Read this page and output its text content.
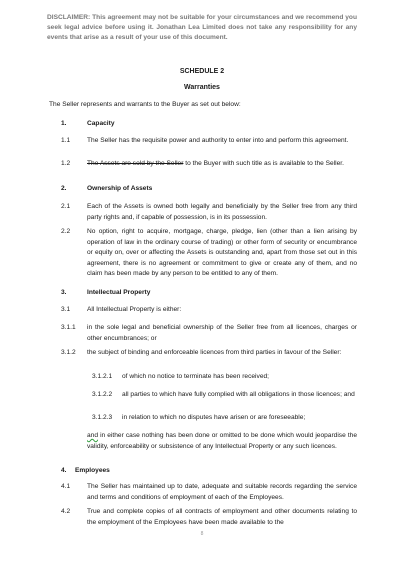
DISCLAIMER: This agreement may not be suitable for your circumstances and we recommend you seek legal advice before using it. Jonathan Lea Limited does not take any responsibility for any events that arise as a result of your use of this document.
SCHEDULE 2
Warranties
The Seller represents and warrants to the Buyer as set out below:
1.	Capacity
1.1	The Seller has the requisite power and authority to enter into and perform this agreement.
1.2	The Assets are sold by the Seller to the Buyer with such title as is available to the Seller.
2.	Ownership of Assets
2.1	Each of the Assets is owned both legally and beneficially by the Seller free from any third party rights and, if capable of possession, is in its possession.
2.2	No option, right to acquire, mortgage, charge, pledge, lien (other than a lien arising by operation of law in the ordinary course of trading) or other form of security or encumbrance or equity on, over or affecting the Assets is outstanding and, apart from those set out in this agreement, there is no agreement or commitment to give or create any of them, and no claim has been made by any person to be entitled to any of them.
3.	Intellectual Property
3.1	All Intellectual Property is either:
3.1.1 in the sole legal and beneficial ownership of the Seller free from all licences, charges or other encumbrances; or
3.1.2 the subject of binding and enforceable licences from third parties in favour of the Seller:
3.1.2.1 of which no notice to terminate has been received;
3.1.2.2 all parties to which have fully complied with all obligations in those licences; and
3.1.2.3 in relation to which no disputes have arisen or are foreseeable;
and in either case nothing has been done or omitted to be done which would jeopardise the validity, enforceability or subsistence of any Intellectual Property or any such licences.
4. Employees
4.1	The Seller has maintained up to date, adequate and suitable records regarding the service and terms and conditions of employment of each of the Employees.
4.2	True and complete copies of all contracts of employment and other documents relating to the employment of the Employees have been made available to the
8
